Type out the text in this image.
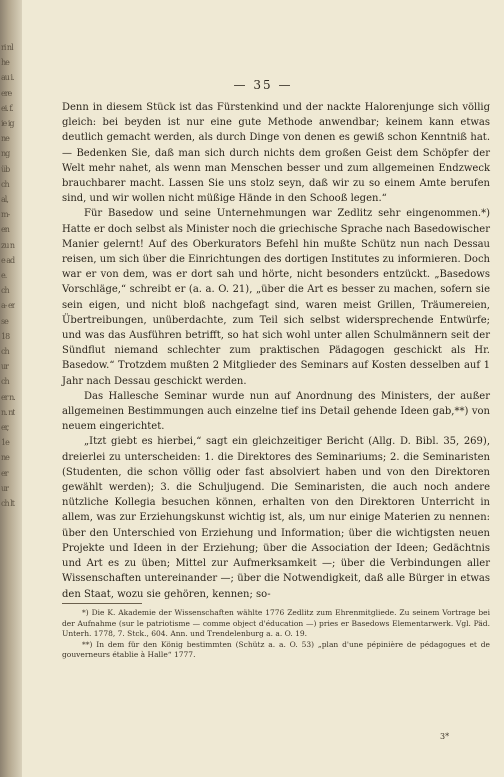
ri nl he au i. ere ei. f. ie ig ne ng üb ch al, m- en zu n e ad e. ch a- er se 18 ch ur ch er n. n. nt er, 1e ne er ur ch lt
— 35 —

Denn in diesem Stück ist das Fürstenkind und der nackte Halorenjunge sich völlig gleich: bei beyden ist nur eine gute Methode anwendbar; keinem kann etwas deutlich gemacht werden, als durch Dinge von denen es gewiß schon Kenntniß hat. — Bedenken Sie, daß man sich durch nichts dem großen Geist dem Schöpfer der Welt mehr nahet, als wenn man Menschen besser und zum allgemeinen Endzweck brauchbarer macht. Lassen Sie uns stolz seyn, daß wir zu so einem Amte berufen sind, und wir wollen nicht müßige Hände in den Schooß legen.“

Für Basedow und seine Unternehmungen war Zedlitz sehr eingenommen.*) Hatte er doch selbst als Minister noch die griechische Sprache nach Basedowischer Manier gelernt! Auf des Oberkurators Befehl hin mußte Schütz nun nach Dessau reisen, um sich über die Einrichtungen des dortigen Institutes zu informieren. Doch war er von dem, was er dort sah und hörte, nicht besonders entzückt. „Basedows Vorschläge,“ schreibt er (a. a. O. 21), „über die Art es besser zu machen, sofern sie sein eigen, und nicht bloß nachgefagt sind, waren meist Grillen, Träumereien, Übertreibungen, unüberdachte, zum Teil sich selbst widersprechende Entwürfe; und was das Ausführen betrifft, so hat sich wohl unter allen Schulmännern seit der Sündflut niemand schlechter zum praktischen Pädagogen geschickt als Hr. Basedow.“ Trotzdem mußten 2 Mitglieder des Seminars auf Kosten desselben auf 1 Jahr nach Dessau geschickt werden.

Das Hallesche Seminar wurde nun auf Anordnung des Ministers, der außer allgemeinen Bestimmungen auch einzelne tief ins Detail gehende Ideen gab,**) von neuem eingerichtet.

„Itzt giebt es hierbei,“ sagt ein gleichzeitiger Bericht (Allg. D. Bibl. 35, 269), dreierlei zu unterscheiden: 1. die Direktores des Seminariums; 2. die Seminaristen (Studenten, die schon völlig oder fast absolviert haben und von den Direktoren gewählt werden); 3. die Schuljugend. Die Seminaristen, die auch noch andere nützliche Kollegia besuchen können, erhalten von den Direktoren Unterricht in allem, was zur Erziehungskunst wichtig ist, als, um nur einige Materien zu nennen: über den Unterschied von Erziehung und Information; über die wichtigsten neuen Projekte und Ideen in der Erziehung; über die Association der Ideen; Gedächtnis und Art es zu üben; Mittel zur Aufmerksamkeit —; über die Verbindungen aller Wissenschaften untereinander —; über die Notwendigkeit, daß alle Bürger in etwas den Staat, wozu sie gehören, kennen; so-

*) Die K. Akademie der Wissenschaften wählte 1776 Zedlitz zum Ehrenmitgliede. Zu seinem Vortrage bei der Aufnahme (sur le patriotisme — comme object d'éducation —) pries er Basedows Elementarwerk. Vgl. Päd. Unterh. 1778, 7. Stck., 604. Ann. und Trendelenburg a. a. O. 19.

**) In dem für den König bestimmten (Schütz a. a. O. 53) „plan d'une pépinière de pédagogues et de gouverneurs établie à Halle“ 1777.

3*
